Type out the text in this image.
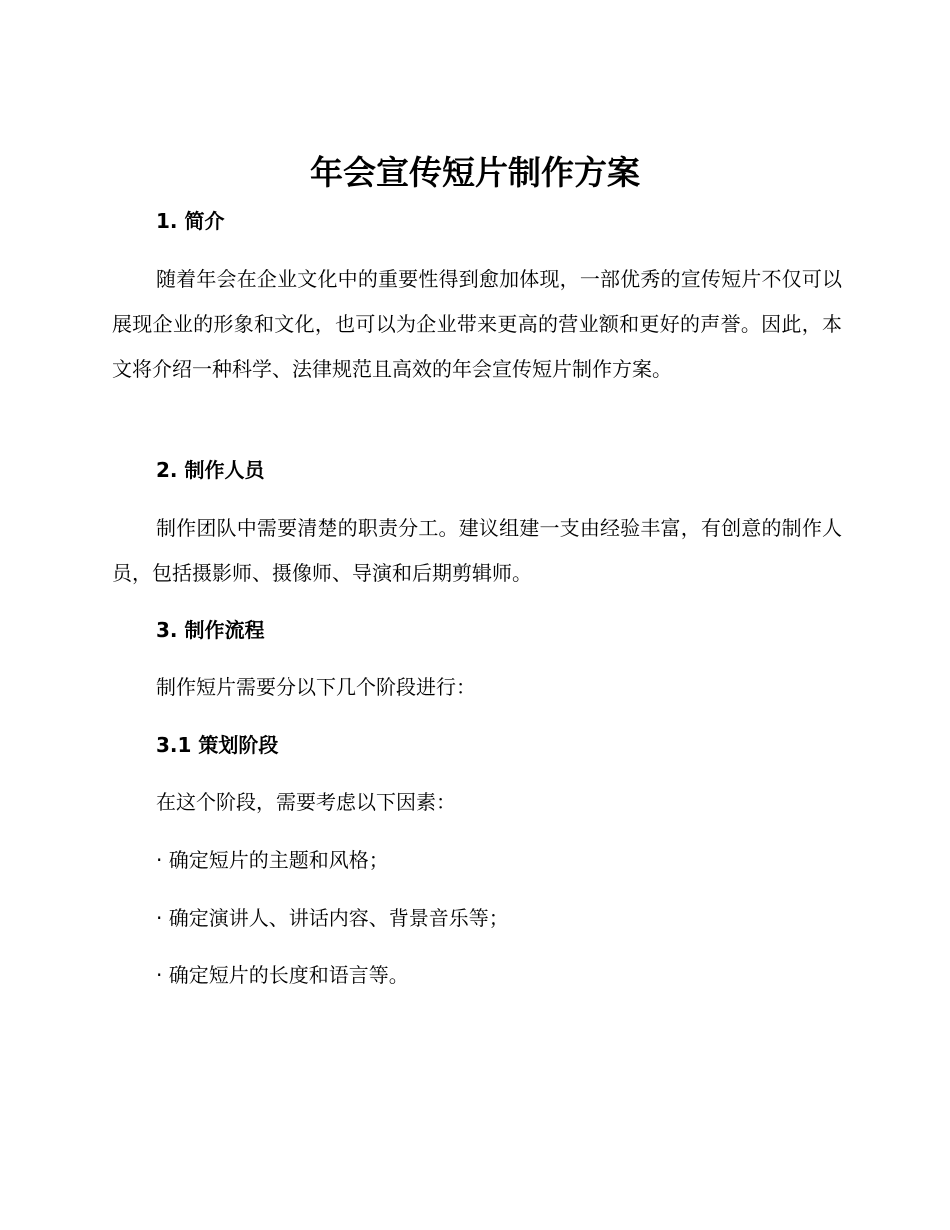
年会宣传短片制作方案
1. 简介

随着年会在企业文化中的重要性得到愈加体现，一部优秀的宣传短片不仅可以展现企业的形象和文化，也可以为企业带来更高的营业额和更好的声誉。因此，本文将介绍一种科学、法律规范且高效的年会宣传短片制作方案。

2. 制作人员

制作团队中需要清楚的职责分工。建议组建一支由经验丰富，有创意的制作人员，包括摄影师、摄像师、导演和后期剪辑师。

3. 制作流程

制作短片需要分以下几个阶段进行：

3.1 策划阶段

在这个阶段，需要考虑以下因素：

· 确定短片的主题和风格；

· 确定演讲人、讲话内容、背景音乐等；

· 确定短片的长度和语言等。
